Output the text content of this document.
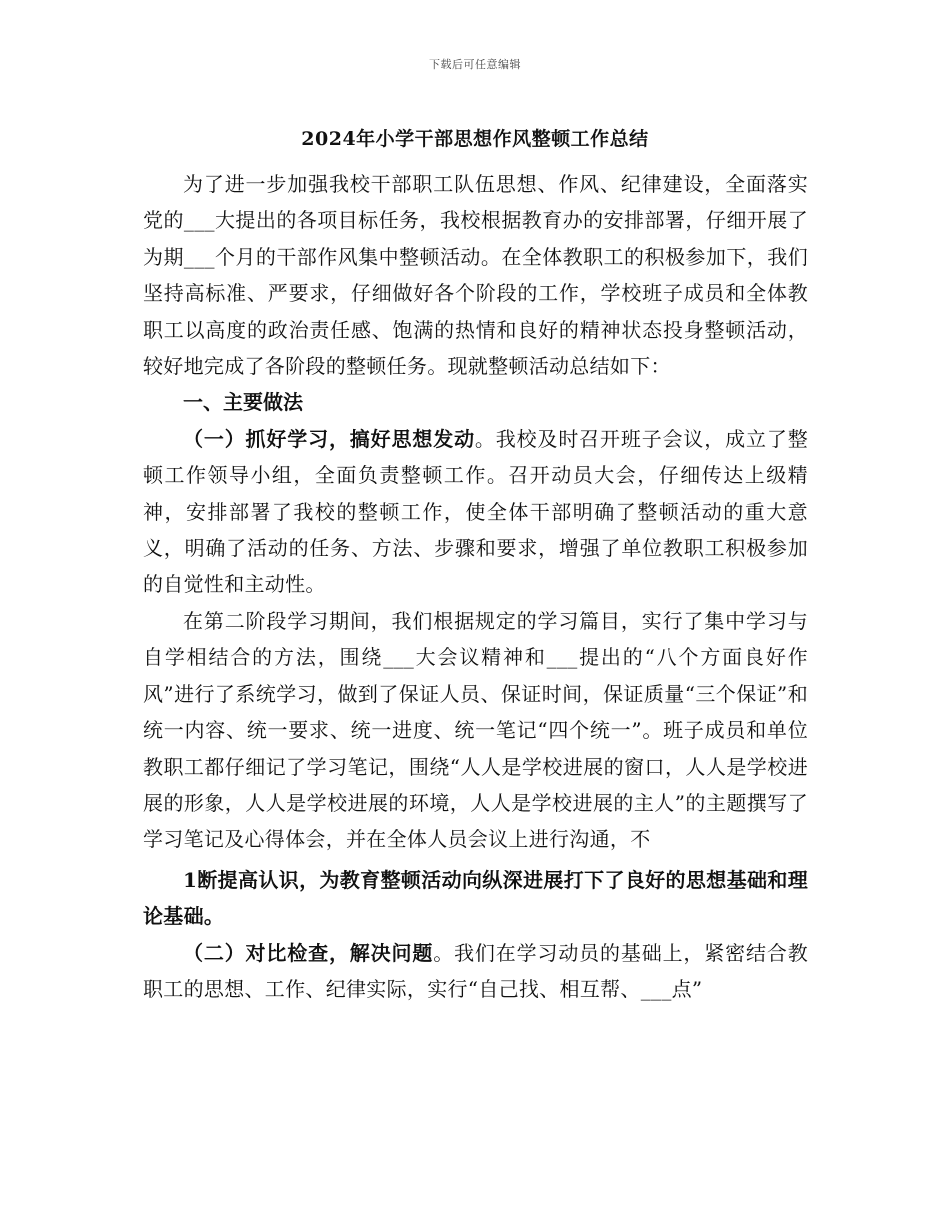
下载后可任意编辑
2024年小学干部思想作风整顿工作总结

为了进一步加强我校干部职工队伍思想、作风、纪律建设，全面落实党的___大提出的各项目标任务，我校根据教育办的安排部署，仔细开展了为期___个月的干部作风集中整顿活动。在全体教职工的积极参加下，我们坚持高标准、严要求，仔细做好各个阶段的工作，学校班子成员和全体教职工以高度的政治责任感、饱满的热情和良好的精神状态投身整顿活动，较好地完成了各阶段的整顿任务。现就整顿活动总结如下：

一、主要做法

（一）抓好学习，搞好思想发动。我校及时召开班子会议，成立了整顿工作领导小组，全面负责整顿工作。召开动员大会，仔细传达上级精神，安排部署了我校的整顿工作，使全体干部明确了整顿活动的重大意义，明确了活动的任务、方法、步骤和要求，增强了单位教职工积极参加的自觉性和主动性。

在第二阶段学习期间，我们根据规定的学习篇目，实行了集中学习与自学相结合的方法，围绕___大会议精神和___提出的“八个方面良好作风”进行了系统学习，做到了保证人员、保证时间，保证质量“三个保证”和统一内容、统一要求、统一进度、统一笔记“四个统一”。班子成员和单位教职工都仔细记了学习笔记，围绕“人人是学校进展的窗口，人人是学校进展的形象，人人是学校进展的环境，人人是学校进展的主人”的主题撰写了学习笔记及心得体会，并在全体人员会议上进行沟通，不

1断提高认识，为教育整顿活动向纵深进展打下了良好的思想基础和理论基础。

（二）对比检查，解决问题。我们在学习动员的基础上，紧密结合教职工的思想、工作、纪律实际，实行“自己找、相互帮、___点”
